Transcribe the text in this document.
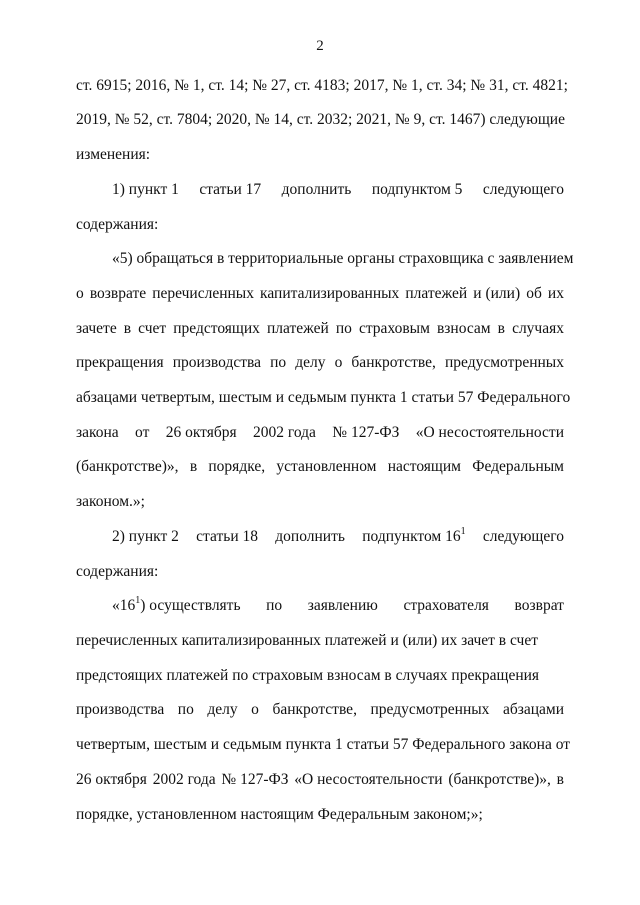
2
ст. 6915; 2016, № 1, ст. 14; № 27, ст. 4183; 2017, № 1, ст. 34; № 31, ст. 4821;
2019, № 52, ст. 7804; 2020, № 14, ст. 2032; 2021, № 9, ст. 1467) следующие
изменения:
1) пункт 1 статьи 17 дополнить подпунктом 5 следующего
содержания:
«5) обращаться в территориальные органы страховщика с заявлением
о возврате перечисленных капитализированных платежей и (или) об их
зачете в счет предстоящих платежей по страховым взносам в случаях
прекращения производства по делу о банкротстве, предусмотренных
абзацами четвертым, шестым и седьмым пункта 1 статьи 57 Федерального
закона от 26 октября 2002 года № 127-ФЗ «О несостоятельности
(банкротстве)», в порядке, установленном настоящим Федеральным
законом.»;
2) пункт 2 статьи 18 дополнить подпунктом $16^1$ следующего
содержания:
«$16^1$) осуществлять по заявлению страхователя возврат
перечисленных капитализированных платежей и (или) их зачет в счет
предстоящих платежей по страховым взносам в случаях прекращения
производства по делу о банкротстве, предусмотренных абзацами
четвертым, шестым и седьмым пункта 1 статьи 57 Федерального закона от
26 октября 2002 года № 127-ФЗ «О несостоятельности (банкротстве)», в
порядке, установленном настоящим Федеральным законом;»;
